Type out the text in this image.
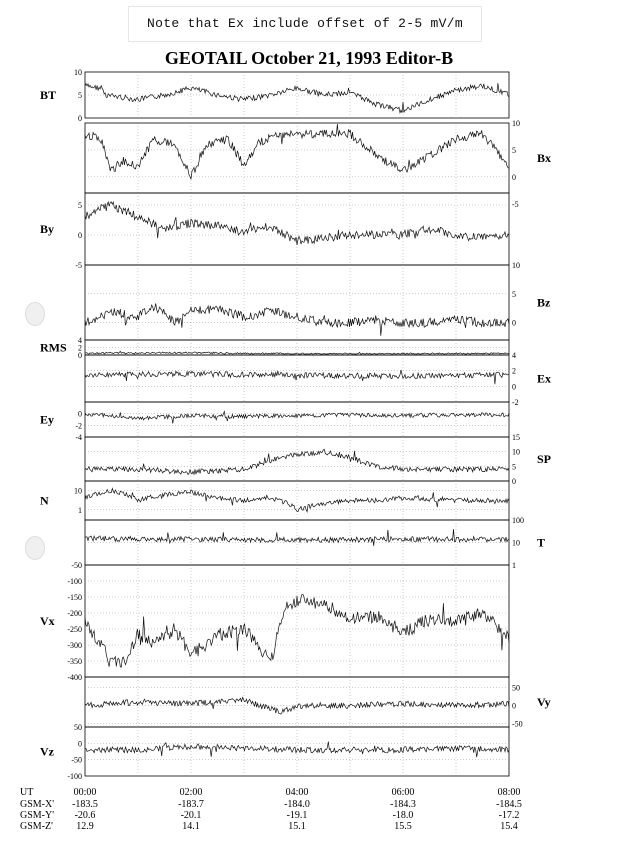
Note that Ex include offset of 2-5 mV/m
GEOTAIL October 21, 1993 Editor-B
10
5
0
BT
10
5
0
-5
Bx
5
0
-5
By
10
5
0
Bz
4
2
0
RMS
4
2
0
-2
Ex
0
-2
-4
Ey
15
10
5
0
SP
10
1
N
100
10
1
T
-50
-100
-150
-200
-250
-300
-350
-400
Vx
50
0
-50
Vy
50
0
-50
-100
Vz
UT	00:00	02:00	04:00	06:00	08:00
GSM-X' -183.5	-183.7	-184.0	-184.3	-184.5
GSM-Y' -20.6	-20.1	-19.1	-18.0	-17.2
GSM-Z' 12.9	14.1	15.1	15.5	15.4
